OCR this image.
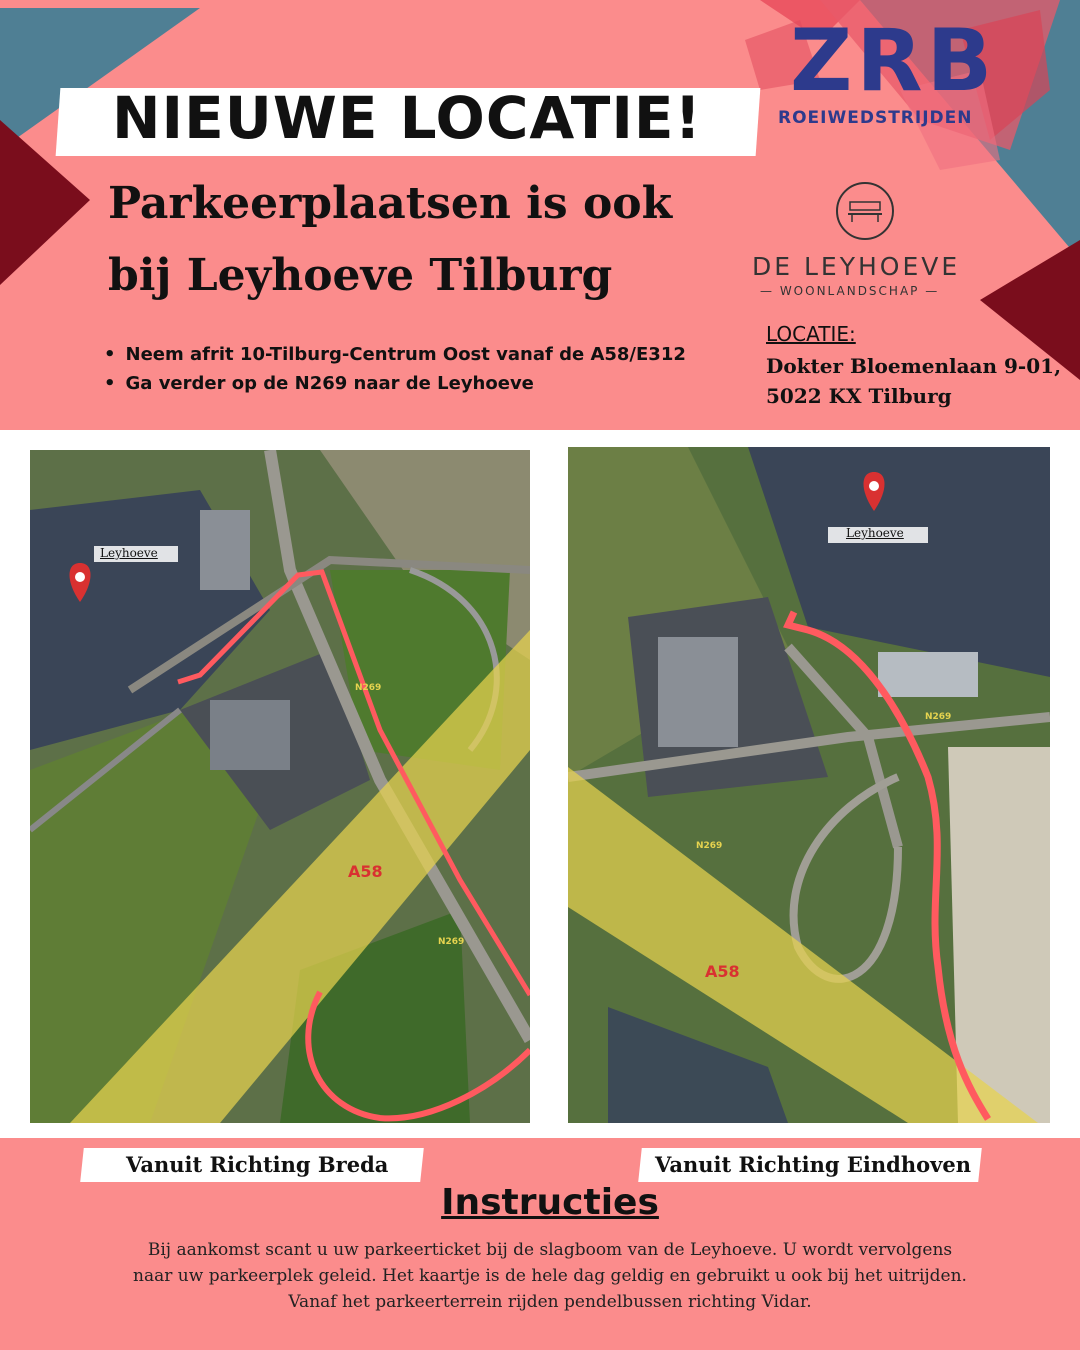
NIEUWE LOCATIE!
Parkeerplaatsen is ook
bij Leyhoeve Tilburg
• Neem afrit 10-Tilburg-Centrum Oost vanaf de A58/E312
• Ga verder op de N269 naar de Leyhoeve
ZRB
ROEIWEDSTRIJDEN
DE LEYHOEVE
— WOONLANDSCHAP —
LOCATIE:
Dokter Bloemenlaan 9-01,
5022 KX Tilburg
Leyhoeve
N269
N269
A58
Leyhoeve
N269
N269
A58
Vanuit Richting Breda	Vanuit Richting Eindhoven
Instructies
Bij aankomst scant u uw parkeerticket bij de slagboom van de Leyhoeve. U wordt vervolgens
naar uw parkeerplek geleid. Het kaartje is de hele dag geldig en gebruikt u ook bij het uitrijden.
Vanaf het parkeerterrein rijden pendelbussen richting Vidar.
